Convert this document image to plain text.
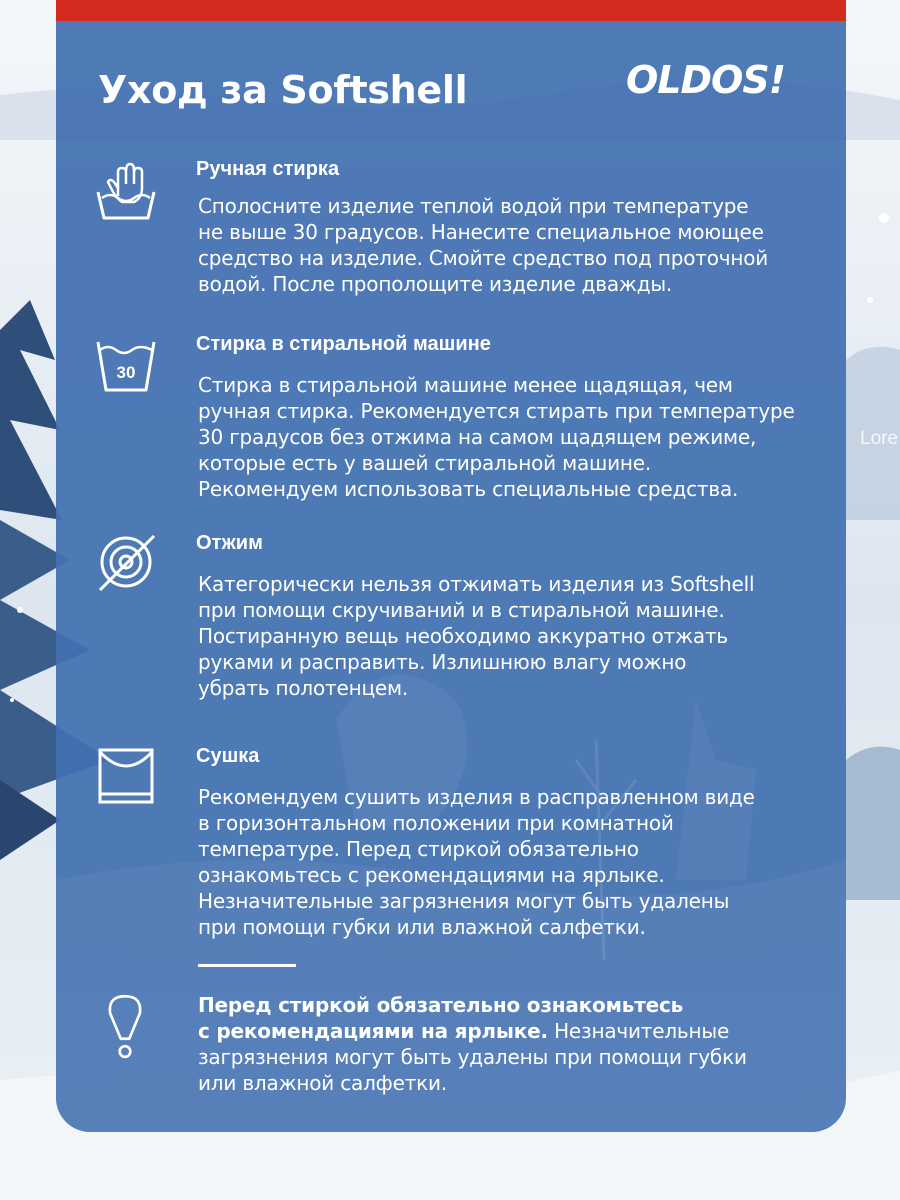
Lore
Уход за Softshell	OLDOS!
Ручная стирка
Сполосните изделие теплой водой при температуре
не выше 30 градусов. Нанесите специальное моющее
средство на изделие. Смойте средство под проточной
водой. После прополощите изделие дважды.
30
Стирка в стиральной машине
Стирка в стиральной машине менее щадящая, чем
ручная стирка. Рекомендуется стирать при температуре
30 градусов без отжима на самом щадящем режиме,
которые есть у вашей стиральной машине.
Рекомендуем использовать специальные средства.
Отжим
Категорически нельзя отжимать изделия из Softshell
при помощи скручиваний и в стиральной машине.
Постиранную вещь необходимо аккуратно отжать
руками и расправить. Излишнюю влагу можно
убрать полотенцем.
Сушка
Рекомендуем сушить изделия в расправленном виде
в горизонтальном положении при комнатной
температуре. Перед стиркой обязательно
ознакомьтесь с рекомендациями на ярлыке.
Незначительные загрязнения могут быть удалены
при помощи губки или влажной салфетки.
Перед стиркой обязательно ознакомьтесь
с рекомендациями на ярлыке. Незначительные
загрязнения могут быть удалены при помощи губки
или влажной салфетки.
